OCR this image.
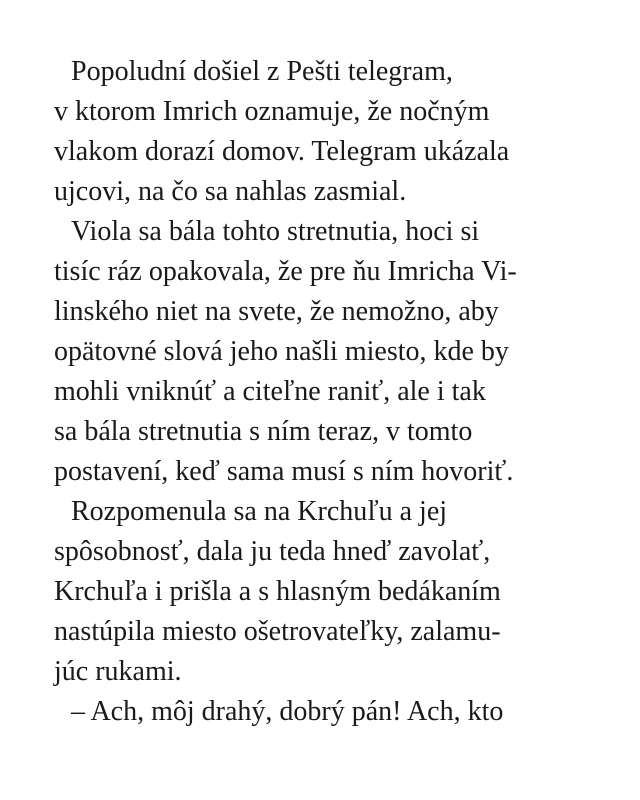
Popoludní došiel z Pešti telegram,
v ktorom Imrich oznamuje, že nočným
vlakom dorazí domov. Telegram ukázala
ujcovi, na čo sa nahlas zasmial.
Viola sa bála tohto stretnutia, hoci si
tisíc ráz opakovala, že pre ňu Imricha Vi-
linského niet na svete, že nemožno, aby
opätovné slová jeho našli miesto, kde by
mohli vniknúť a citeľne raniť, ale i tak
sa bála stretnutia s ním teraz, v tomto
postavení, keď sama musí s ním hovoriť.
Rozpomenula sa na Krchuľu a jej
spôsobnosť, dala ju teda hneď zavolať,
Krchuľa i prišla a s hlasným bedákaním
nastúpila miesto ošetrovateľky, zalamu-
júc rukami.
– Ach, môj drahý, dobrý pán! Ach, kto
